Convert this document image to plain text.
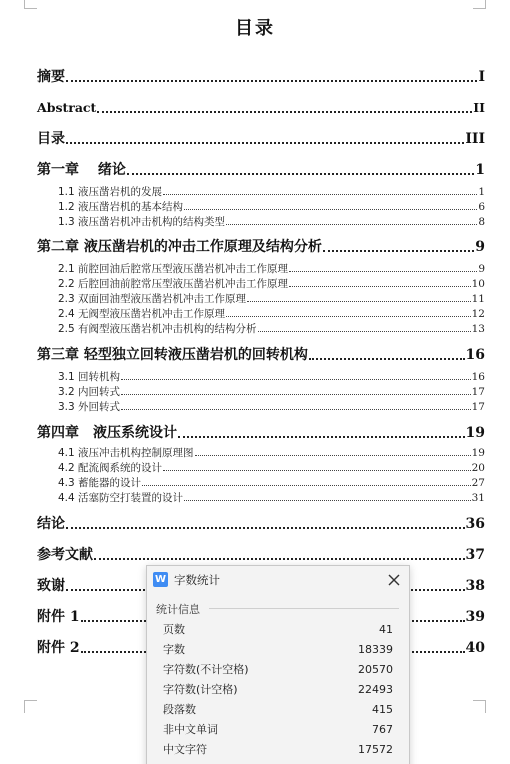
目录
摘要	I
Abstract	II
目录	III
第一章　 绪论	1
1.1 液压凿岩机的发展	1
1.2 液压凿岩机的基本结构	6
1.3 液压凿岩机冲击机构的结构类型	8
第二章 液压凿岩机的冲击工作原理及结构分析	9
2.1 前腔回油后腔常压型液压凿岩机冲击工作原理	9
2.2 后腔回油前腔常压型液压凿岩机冲击工作原理	10
2.3 双面回油型液压凿岩机冲击工作原理	11
2.4 无阀型液压凿岩机冲击工作原理	12
2.5 有阀型液压凿岩机冲击机构的结构分析	13
第三章 轻型独立回转液压凿岩机的回转机构	16
3.1 回转机构	16
3.2 内回转式	17
3.3 外回转式	17
第四章　液压系统设计	19
4.1 液压冲击机构控制原理图	19
4.2 配流阀系统的设计	20
4.3 蓄能器的设计	27
4.4 活塞防空打装置的设计	31
结论	36
参考文献	37
致谢	38
附件 1	39
附件 2	40
W 字数统计
统计信息
页数	41
字数	18339
字符数(不计空格)	20570
字符数(计空格)	22493
段落数	415
非中文单词	767
中文字符	17572
